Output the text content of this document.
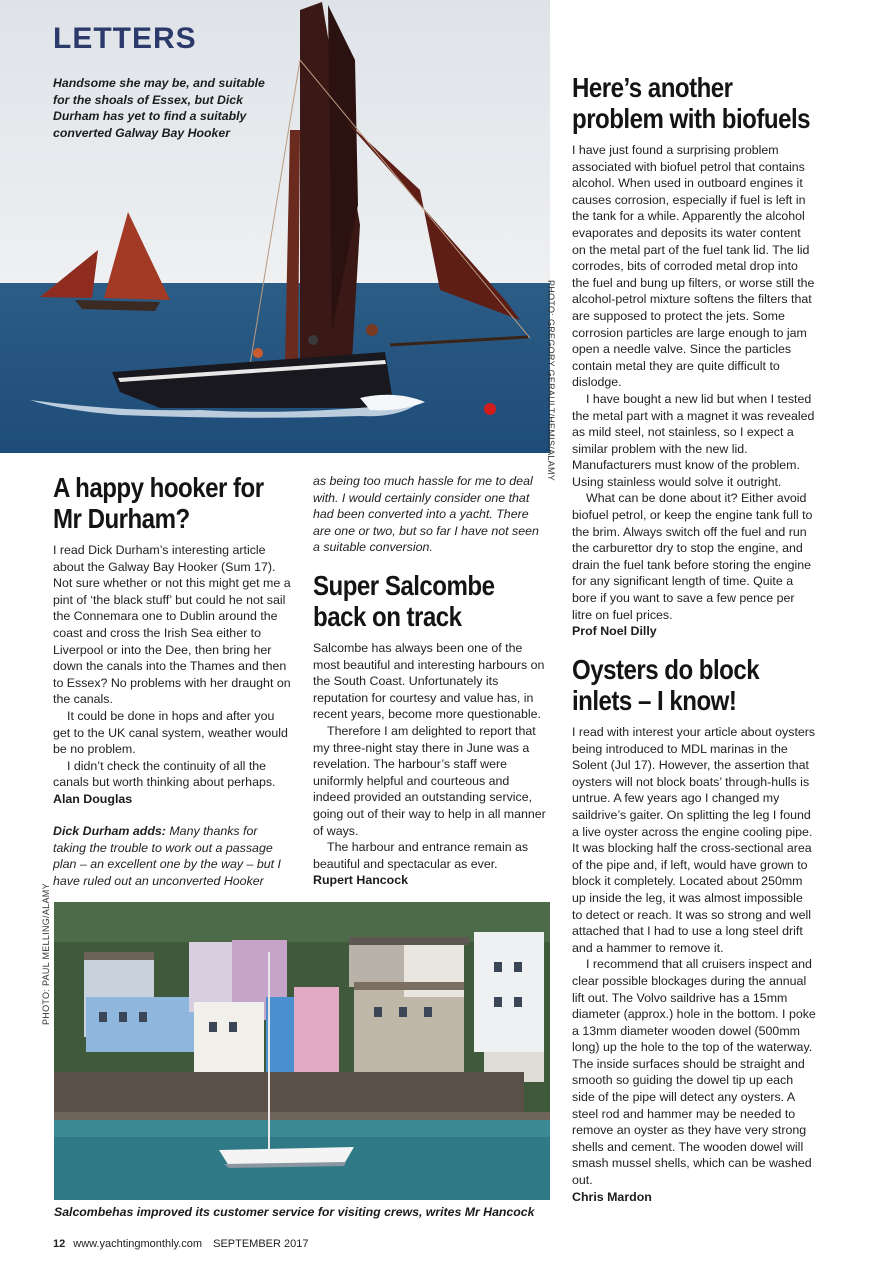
LETTERS

Handsome she may be, and suitable for the shoals of Essex, but Dick Durham has yet to find a suitably converted Galway Bay Hooker

PHOTO: GREGORY GERAULT/HEMIS/ALAMY
A happy hooker for Mr Durham?

I read Dick Durham’s interesting article about the Galway Bay Hooker (Sum 17). Not sure whether or not this might get me a pint of ‘the black stuff’ but could he not sail the Connemara one to Dublin around the coast and cross the Irish Sea either to Liverpool or into the Dee, then bring her down the canals into the Thames and then to Essex? No problems with her draught on the canals.

It could be done in hops and after you get to the UK canal system, weather would be no problem.

I didn’t check the continuity of all the canals but worth thinking about perhaps.

Alan Douglas

Dick Durham adds: Many thanks for taking the trouble to work out a passage plan – an excellent one by the way – but I have ruled out an unconverted Hooker
as being too much hassle for me to deal with. I would certainly consider one that had been converted into a yacht. There are one or two, but so far I have not seen a suitable conversion.
Super Salcombe back on track

Salcombe has always been one of the most beautiful and interesting harbours on the South Coast. Unfortunately its reputation for courtesy and value has, in recent years, become more questionable.

Therefore I am delighted to report that my three-night stay there in June was a revelation. The harbour’s staff were uniformly helpful and courteous and indeed provided an outstanding service, going out of their way to help in all manner of ways.

The harbour and entrance remain as beautiful and spectacular as ever.

Rupert Hancock

Here’s another problem with biofuels

I have just found a surprising problem associated with biofuel petrol that contains alcohol. When used in outboard engines it causes corrosion, especially if fuel is left in the tank for a while. Apparently the alcohol evaporates and deposits its water content on the metal part of the fuel tank lid. The lid corrodes, bits of corroded metal drop into the fuel and bung up filters, or worse still the alcohol-petrol mixture softens the filters that are supposed to protect the jets. Some corrosion particles are large enough to jam open a needle valve. Since the particles contain metal they are quite difficult to dislodge.

I have bought a new lid but when I tested the metal part with a magnet it was revealed as mild steel, not stainless, so I expect a similar problem with the new lid. Manufacturers must know of the problem. Using stainless would solve it outright.

What can be done about it? Either avoid biofuel petrol, or keep the engine tank full to the brim. Always switch off the fuel and run the carburettor dry to stop the engine, and drain the fuel tank before storing the engine for any significant length of time. Quite a bore if you want to save a few pence per litre on fuel prices.

Prof Noel Dilly

Oysters do block inlets – I know!

I read with interest your article about oysters being introduced to MDL marinas in the Solent (Jul 17). However, the assertion that oysters will not block boats’ through-hulls is untrue. A few years ago I changed my saildrive’s gaiter. On splitting the leg I found a live oyster across the engine cooling pipe. It was blocking half the cross-sectional area of the pipe and, if left, would have grown to block it completely. Located about 250mm up inside the leg, it was almost impossible to detect or reach. It was so strong and well attached that I had to use a long steel drift and a hammer to remove it.

I recommend that all cruisers inspect and clear possible blockages during the annual lift out. The Volvo saildrive has a 15mm diameter (approx.) hole in the bottom. I poke a 13mm diameter wooden dowel (500mm long) up the hole to the top of the waterway. The inside surfaces should be straight and smooth so guiding the dowel tip up each side of the pipe will detect any oysters. A steel rod and hammer may be needed to remove an oyster as they have very strong shells and cement. The wooden dowel will smash mussel shells, which can be washed out.

Chris Mardon

PHOTO: PAUL MELLING/ALAMY

Salcombehas improved its customer service for visiting crews, writes Mr Hancock

12 www.yachtingmonthly.com SEPTEMBER 2017
